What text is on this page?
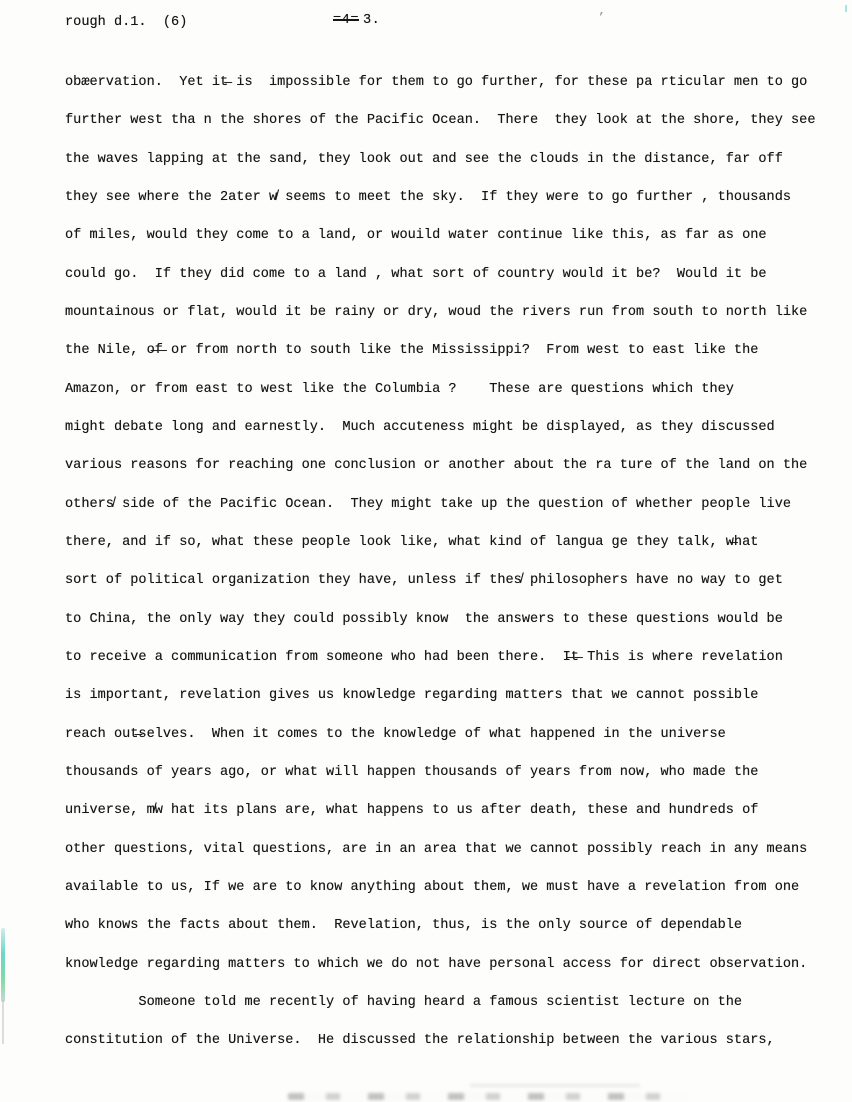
rough d.1.  (6)

	=4= 3.

	’

obæervation.  Yet it̶ is  impossible for them to go further, for these pa rticular men to go
further west tha n the shores of the Pacific Ocean.  There  they look at the shore, they see
the waves lapping at the sand, they look out and see the clouds in the distance, far off
they see where the 2ater w̸ seems to meet the sky.  If they were to go further , thousands
of miles, would they come to a land, or wouild water continue like this, as far as one
could go.  If they did come to a land , what sort of country would it be?  Would it be
mountainous or flat, would it be rainy or dry, woud the rivers run from south to north like
the Nile, o̶f̶ or from north to south like the Mississippi?  From west to east like the
Amazon, or from east to west like the Columbia ?    These are questions which they
might debate long and earnestly.  Much accuteness might be displayed, as they discussed
various reasons for reaching one conclusion or another about the ra ture of the land on the
others̸ side of the Pacific Ocean.  They might take up the question of whether people live
there, and if so, what these people look like, what kind of langua ge they talk, w̶hat
sort of political organization they have, unless if thes̸ philosophers have no way to get
to China, the only way they could possibly know  the answers to these questions would be
to receive a communication from someone who had been there.  I̶t̶ This is where revelation
is important, revelation gives us knowledge regarding matters that we cannot possible
reach out̶selves.  When it comes to the knowledge of what happened in the universe
thousands of years ago, or what will happen thousands of years from now, who made the
universe, m̸w hat its plans are, what happens to us after death, these and hundreds of
other questions, vital questions, are in an area that we cannot possibly reach in any means
available to us, If we are to know anything about them, we must have a revelation from one
who knows the facts about them.  Revelation, thus, is the only source of dependable
knowledge regarding matters to which we do not have personal access for direct observation.
Someone told me recently of having heard a famous scientist lecture on the
constitution of the Universe.  He discussed the relationship between the various stars,
